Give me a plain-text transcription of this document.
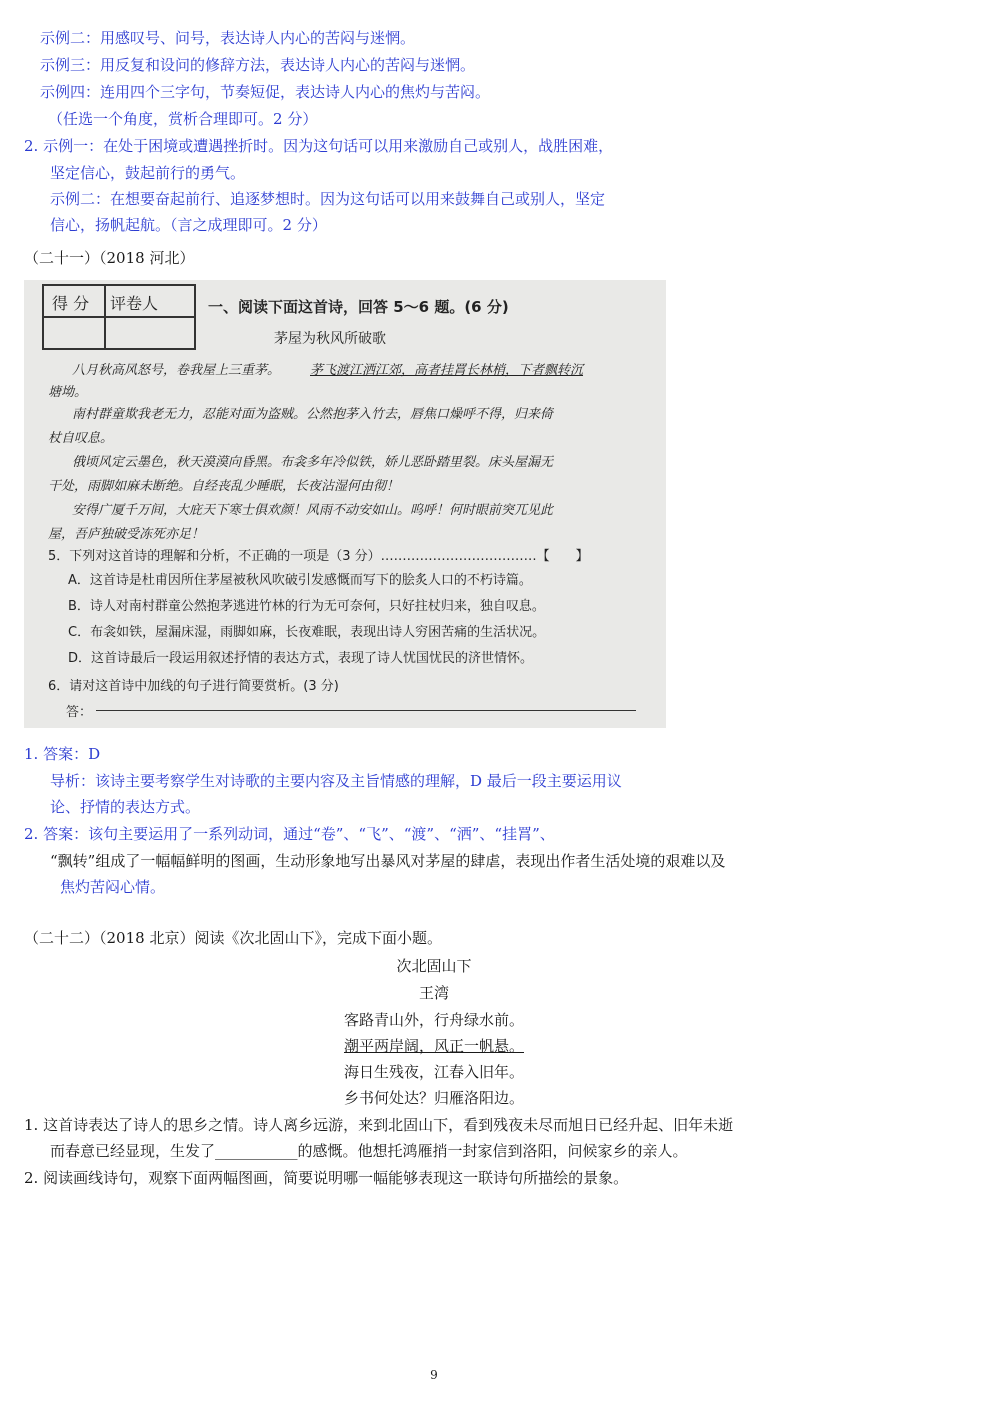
示例二：用感叹号、问号，表达诗人内心的苦闷与迷惘。
示例三：用反复和设问的修辞方法，表达诗人内心的苦闷与迷惘。
示例四：连用四个三字句，节奏短促，表达诗人内心的焦灼与苦闷。
（任选一个角度，赏析合理即可。2 分）
2. 示例一：在处于困境或遭遇挫折时。因为这句话可以用来激励自己或别人，战胜困难，
坚定信心，鼓起前行的勇气。
示例二：在想要奋起前行、追逐梦想时。因为这句话可以用来鼓舞自己或别人，坚定
信心，扬帆起航。（言之成理即可。2 分）
（二十一）（2018 河北）
得 分 评卷人	一、阅读下面这首诗，回答 5～6 题。(6 分)
茅屋为秋风所破歌
八月秋高风怒号，卷我屋上三重茅。 茅飞渡江洒江郊，高者挂罥长林梢，下者飘转沉
塘坳。
南村群童欺我老无力，忍能对面为盗贼。公然抱茅入竹去，唇焦口燥呼不得，归来倚
杖自叹息。
俄顷风定云墨色，秋天漠漠向昏黑。布衾多年冷似铁，娇儿恶卧踏里裂。床头屋漏无
干处，雨脚如麻未断绝。自经丧乱少睡眠，长夜沾湿何由彻！
安得广厦千万间，大庇天下寒士俱欢颜！风雨不动安如山。呜呼！何时眼前突兀见此
屋，吾庐独破受冻死亦足！
5．下列对这首诗的理解和分析，不正确的一项是（3 分）………………………………【　　】
A．这首诗是杜甫因所住茅屋被秋风吹破引发感慨而写下的脍炙人口的不朽诗篇。
B．诗人对南村群童公然抱茅逃进竹林的行为无可奈何，只好拄杖归来，独自叹息。
C．布衾如铁，屋漏床湿，雨脚如麻，长夜难眠，表现出诗人穷困苦痛的生活状况。
D．这首诗最后一段运用叙述抒情的表达方式，表现了诗人忧国忧民的济世情怀。
6．请对这首诗中加线的句子进行简要赏析。(3 分)
答：
1. 答案：D
导析：该诗主要考察学生对诗歌的主要内容及主旨情感的理解，D 最后一段主要运用议
论、抒情的表达方式。
2. 答案：该句主要运用了一系列动词，通过“卷”、“飞”、“渡”、“洒”、“挂罥”、
“飘转”组成了一幅幅鲜明的图画，生动形象地写出暴风对茅屋的肆虐，表现出作者生活处境的艰难以及
焦灼苦闷心情。
（二十二）（2018 北京）阅读《次北固山下》，完成下面小题。
次北固山下
王湾
客路青山外，行舟绿水前。
潮平两岸阔，风正一帆悬。
海日生残夜，江春入旧年。
乡书何处达？归雁洛阳边。
1. 这首诗表达了诗人的思乡之情。诗人离乡远游，来到北固山下，看到残夜未尽而旭日已经升起、旧年未逝
而春意已经显现，生发了___________的感慨。他想托鸿雁捎一封家信到洛阳，问候家乡的亲人。
2. 阅读画线诗句，观察下面两幅图画，简要说明哪一幅能够表现这一联诗句所描绘的景象。
9
